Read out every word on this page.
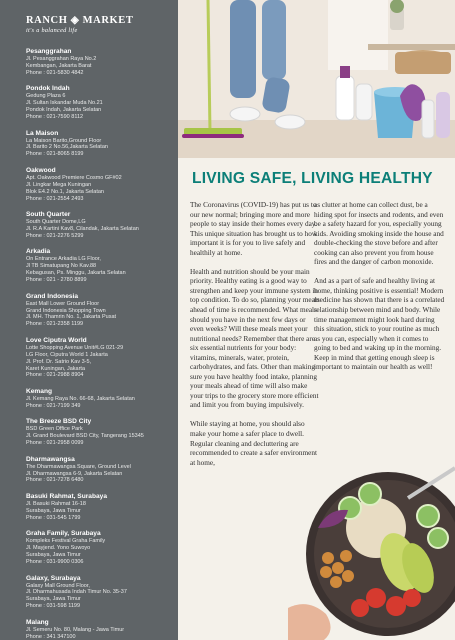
RANCH ◈ MARKET
it's a balanced life
Pesanggrahan
Jl. Pesanggrahan Raya No.2
Kembangan, Jakarta Barat
Phone : 021-5830 4842
Pondok Indah
Gedung Plaza 6
Jl. Sultan Iskandar Muda No.21
Pondok Indah, Jakarta Selatan
Phone : 021-7590 8112
La Maison
La Maison Barito,Ground Floor
Jl. Barito 2 No.56,Jakarta Selatan
Phone : 021-8065 8199
Oakwood
Apt. Oakwood Premiere Cosmo GF#02
Jl. Lingkar Mega Kuningan
Blok E4.2 No.1, Jakarta Selatan
Phone : 021-2554 2493
South Quarter
South Quarter Dome,LG
Jl. R.A Kartini Kav8, Cilandak, Jakarta Selatan
Phone : 021-2276 5299
Arkadia
On Entrance Arkadia LG Floor,
Jl TB Simatupang No Kav.88
Kebagusan, Ps. Minggu, Jakarta Selatan
Phone : 021 - 2780 8899
Grand Indonesia
East Mall Lower Ground Floor
Grand Indonesia Shopping Town
Jl. MH. Thamrin No. 1, Jakarta Pusat
Phone : 021-2358 1199
Love Ciputra World
Lotte Shopping Avenue Unit#LG 021-29
LG Floor, Ciputra World 1 Jakarta
Jl. Prof. Dr. Satrio Kav 3-5,
Karet Kuningan, Jakarta
Phone : 021-2988 8904
Kemang
Jl. Kemang Raya No. 66-68, Jakarta Selatan
Phone : 021-7199 349
The Breeze BSD City
BSD Green Office Park
Jl. Grand Boulevard BSD City, Tangerang 15345
Phone : 021-2958 0099
Dharmawangsa
The Dharmawangsa Square, Ground Level
Jl. Dharmawangsa 6-9, Jakarta Selatan
Phone : 021-7278 6480
Basuki Rahmat, Surabaya
Jl. Basuki Rahmat 16-18
Surabaya, Jawa Timur
Phone : 031-545 1799
Graha Family, Surabaya
Kompleks Festival Graha Family
Jl. Mayjend. Yono Suwoyo
Surabaya, Jawa Timur
Phone : 031-9900 0306
Galaxy, Surabaya
Galaxy Mall Ground Floor,
Jl. Dharmahusada Indah Timur No. 35-37
Surabaya, Jawa Timur
Phone : 031-598 1199
Malang
Jl. Semeru No. 80, Malang - Jawa Timur
Phone : 341 347100
LIVING SAFE, LIVING HEALTHY

The Coronavirus (COVID-19) has put us to our new normal; bringing more and more people to stay inside their homes every day. This unique situation has brought us to how important it is for you to live safely and healthily at home.

Health and nutrition should be your main priority. Healthy eating is a good way to strengthen and keep your immune system in top condition. To do so, planning your meals ahead of time is recommended. What meals should you have in the next few days or even weeks? Will these meals meet your nutritional needs? Remember that there are six essential nutrients for your body: vitamins, minerals, water, protein, carbohydrates, and fats. Other than making sure you have healthy food intake, planning your meals ahead of time will also make your trips to the grocery store more efficient and limit you from buying impulsively.

While staying at home, you should also make your home a safer place to dwell. Regular cleaning and decluttering are recommended to create a safer environment at home,

as clutter at home can collect dust, be a hiding spot for insects and rodents, and even be a safety hazard for you, especially young kids. Avoiding smoking inside the house and double-checking the stove before and after cooking can also prevent you from house fires and the danger of carbon monoxide.

And as a part of safe and healthy living at home, thinking positive is essential! Modern medicine has shown that there is a correlated relationship between mind and body. While time management might look hard during this situation, stick to your routine as much as you can, especially when it comes to going to bed and waking up in the morning. Keep in mind that getting enough sleep is important to maintain our health as well!
